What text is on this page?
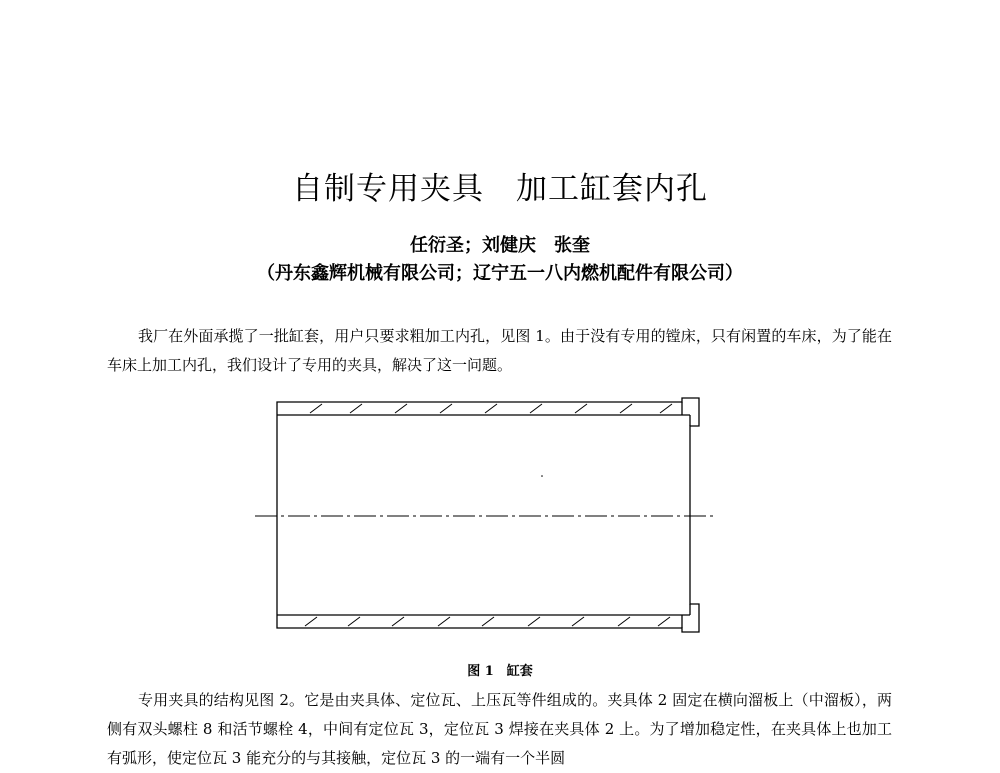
自制专用夹具　加工缸套内孔
任衍圣；刘健庆　张奎
（丹东鑫辉机械有限公司；辽宁五一八内燃机配件有限公司）

我厂在外面承揽了一批缸套，用户只要求粗加工内孔，见图 1。由于没有专用的镗床，只有闲置的车床，为了能在车床上加工内孔，我们设计了专用的夹具，解决了这一问题。

图 1　缸套

专用夹具的结构见图 2。它是由夹具体、定位瓦、上压瓦等件组成的。夹具体 2 固定在横向溜板上（中溜板），两侧有双头螺柱 8 和活节螺栓 4，中间有定位瓦 3，定位瓦 3 焊接在夹具体 2 上。为了增加稳定性，在夹具体上也加工有弧形，使定位瓦 3 能充分的与其接触，定位瓦 3 的一端有一个半圆
